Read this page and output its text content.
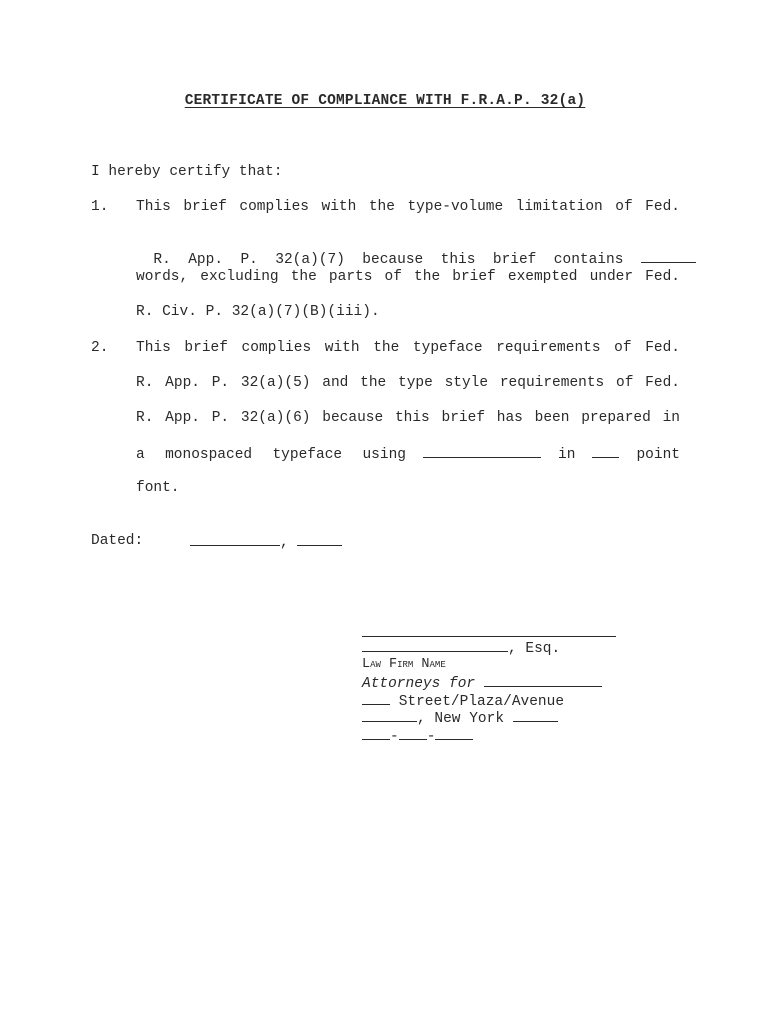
CERTIFICATE OF COMPLIANCE WITH F.R.A.P. 32(a)
I hereby certify that:
1. This brief complies with the type-volume limitation of Fed.

R. App. P. 32(a)(7) because this brief contains

words, excluding the parts of the brief exempted under Fed.
R. Civ. P. 32(a)(7)(B)(iii).
2. This brief complies with the typeface requirements of Fed.
R. App. P. 32(a)(5) and the type style requirements of Fed.
R. App. P. 32(a)(6) because this brief has been prepared in
a monospaced typeface using	in	point
font.
Dated:	,
, Esq.
Law Firm Name
Attorneys for
Street/Plaza/Avenue
, New York
- -
